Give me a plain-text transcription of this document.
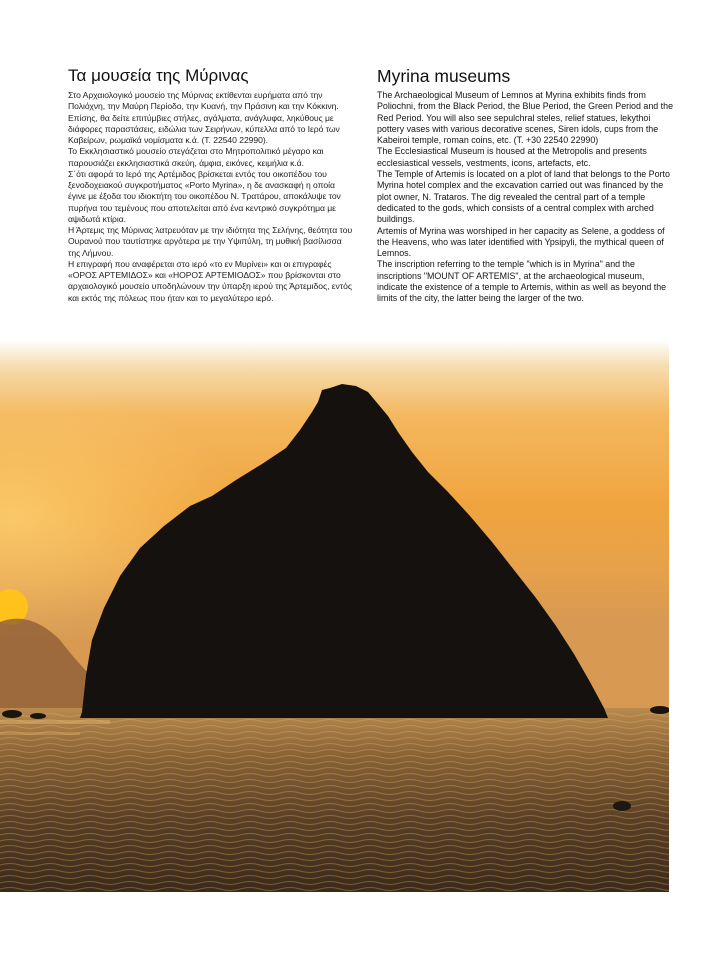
Τα μουσεία της Μύρινας

Στο Αρχαιολογικό μουσείο της Μύρινας εκτίθενται ευρήματα από την Πολιόχνη, την Μαύρη Περίοδο, την Κυανή, την Πράσινη και την Κόκκινη. Επίσης, θα δείτε επιτύμβιες στήλες, αγάλματα, ανάγλυφα, ληκύθους με διάφορες παραστάσεις, ειδώλια των Σειρήνων, κύπελλα από το Ιερό των Καβείρων, ρωμαϊκά νομίσματα κ.ά. (Τ. 22540 22990).

Το Εκκλησιαστικό μουσείο στεγάζεται στο Μητροπολιτικό μέγαρο και παρουσιάζει εκκλησιαστικά σκεύη, άμφια, εικόνες, κειμήλια κ.ά.

Σ΄ότι αφορά το Ιερό της Αρτέμιδος βρίσκεται εντός του οικοπέδου του ξενοδοχειακού συγκροτήματος «Porto Myrina», η δε ανασκαφή η οποία έγινε με έξοδα του ιδιοκτήτη του οικοπέδου Ν. Τρατάρου, αποκάλυψε τον πυρήνα του τεμένους που αποτελείται από ένα κεντρικό συγκρότημα με αψιδωτά κτίρια.

Η Άρτεμις της Μύρινας λατρευόταν με την ιδιότητα της Σελήνης, θεότητα του Ουρανού που ταυτίστηκε αργότερα με την Υψιπύλη, τη μυθική βασίλισσα της Λήμνου.

Η επιγραφή που αναφέρεται στο ιερό «το εν Μυρίνει» και οι επιγραφές «ΟΡΟΣ ΑΡΤΕΜΙΔΟΣ» και «ΗΟΡΟΣ ΑΡΤΕΜΙΟΔΟΣ» που βρίσκονται στο αρχαιολογικό μουσείο υποδηλώνουν την ύπαρξη ιερού της Άρτεμιδος, εντός και εκτός της πόλεως που ήταν και το μεγαλύτερο ιερό.

Myrina museums

The Archaeological Museum of Lemnos at Myrina exhibits finds from Poliochni, from the Black Period, the Blue Period, the Green Period and the Red Period. You will also see sepulchral steles, relief statues, lekythoi pottery vases with various decorative scenes, Siren idols, cups from the Kabeiroi temple, roman coins, etc. (T. +30 22540 22990)

The Ecclesiastical Museum is housed at the Metropolis and presents ecclesiastical vessels, vestments, icons, artefacts, etc.

The Temple of Artemis is located on a plot of land that belongs to the Porto Myrina hotel complex and the excavation carried out was financed by the plot owner, N. Trataros. The dig revealed the central part of a temple dedicated to the gods, which consists of a central complex with arched buildings.

Artemis of Myrina was worshiped in her capacity as Selene, a goddess of the Heavens, who was later identified with Ypsipyli, the mythical queen of Lemnos.

The inscription referring to the temple "which is in Myrina" and the inscriptions "MOUNT OF ARTEMIS", at the archaeological museum, indicate the existence of a temple to Artemis, within as well as beyond the limits of the city, the latter being the larger of the two.
